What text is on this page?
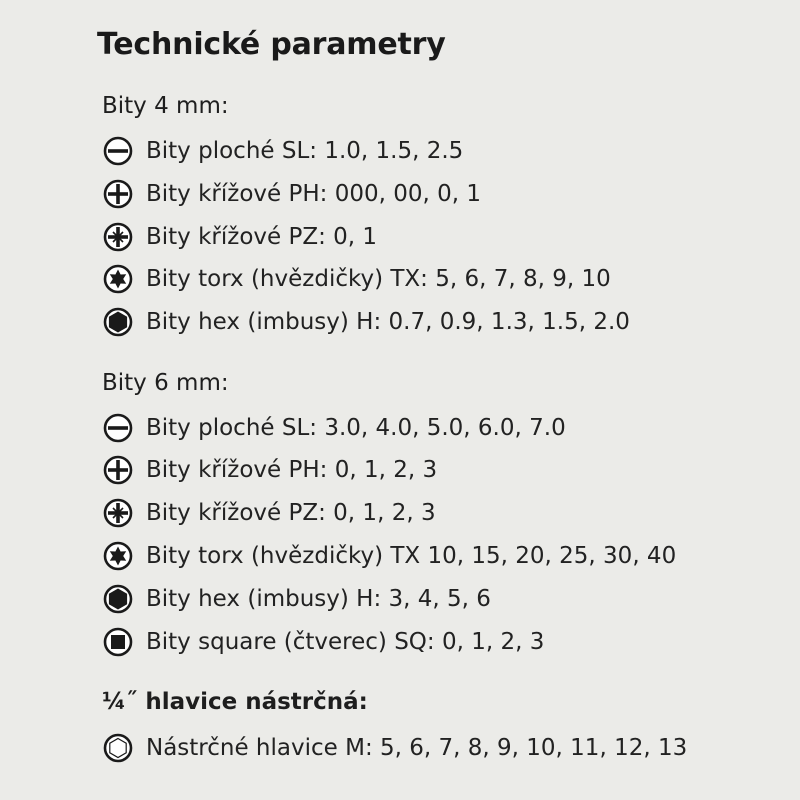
Technické parametry
Bity 4 mm:
Bity ploché SL: 1.0, 1.5, 2.5
Bity křížové PH: 000, 00, 0, 1
Bity křížové PZ: 0, 1
Bity torx (hvězdičky) TX: 5, 6, 7, 8, 9, 10
Bity hex (imbusy) H: 0.7, 0.9, 1.3, 1.5, 2.0
Bity 6 mm:
Bity ploché SL: 3.0, 4.0, 5.0, 6.0, 7.0
Bity křížové PH: 0, 1, 2, 3
Bity křížové PZ: 0, 1, 2, 3
Bity torx (hvězdičky) TX 10, 15, 20, 25, 30, 40
Bity hex (imbusy) H: 3, 4, 5, 6
Bity square (čtverec) SQ: 0, 1, 2, 3
¼˝ hlavice nástrčná:
Nástrčné hlavice M: 5, 6, 7, 8, 9, 10, 11, 12, 13
